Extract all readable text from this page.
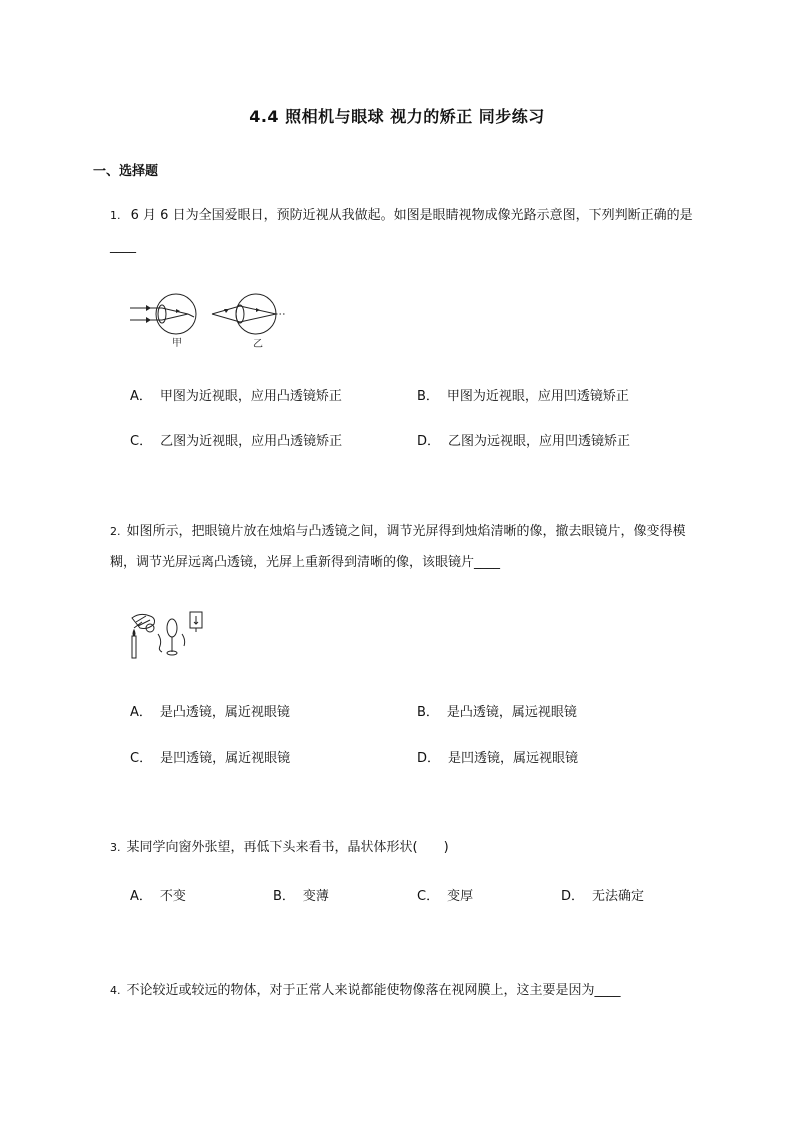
4.4 照相机与眼球 视力的矫正 同步练习
一、选择题
1. 6 月 6 日为全国爱眼日，预防近视从我做起。如图是眼睛视物成像光路示意图，下列判断正确的是____
甲	乙
A． 甲图为近视眼，应用凸透镜矫正	B． 甲图为近视眼，应用凹透镜矫正
C． 乙图为近视眼，应用凸透镜矫正	D． 乙图为远视眼，应用凹透镜矫正
2. 如图所示，把眼镜片放在烛焰与凸透镜之间，调节光屏得到烛焰清晰的像，撤去眼镜片，像变得模糊，调节光屏远离凸透镜，光屏上重新得到清晰的像，该眼镜片____
A． 是凸透镜，属近视眼镜	B． 是凸透镜，属远视眼镜
C． 是凹透镜，属近视眼镜	D． 是凹透镜，属远视眼镜
3. 某同学向窗外张望，再低下头来看书，晶状体形状(　　)
A． 不变	B． 变薄	C． 变厚	D． 无法确定
4. 不论较近或较远的物体，对于正常人来说都能使物像落在视网膜上，这主要是因为____
